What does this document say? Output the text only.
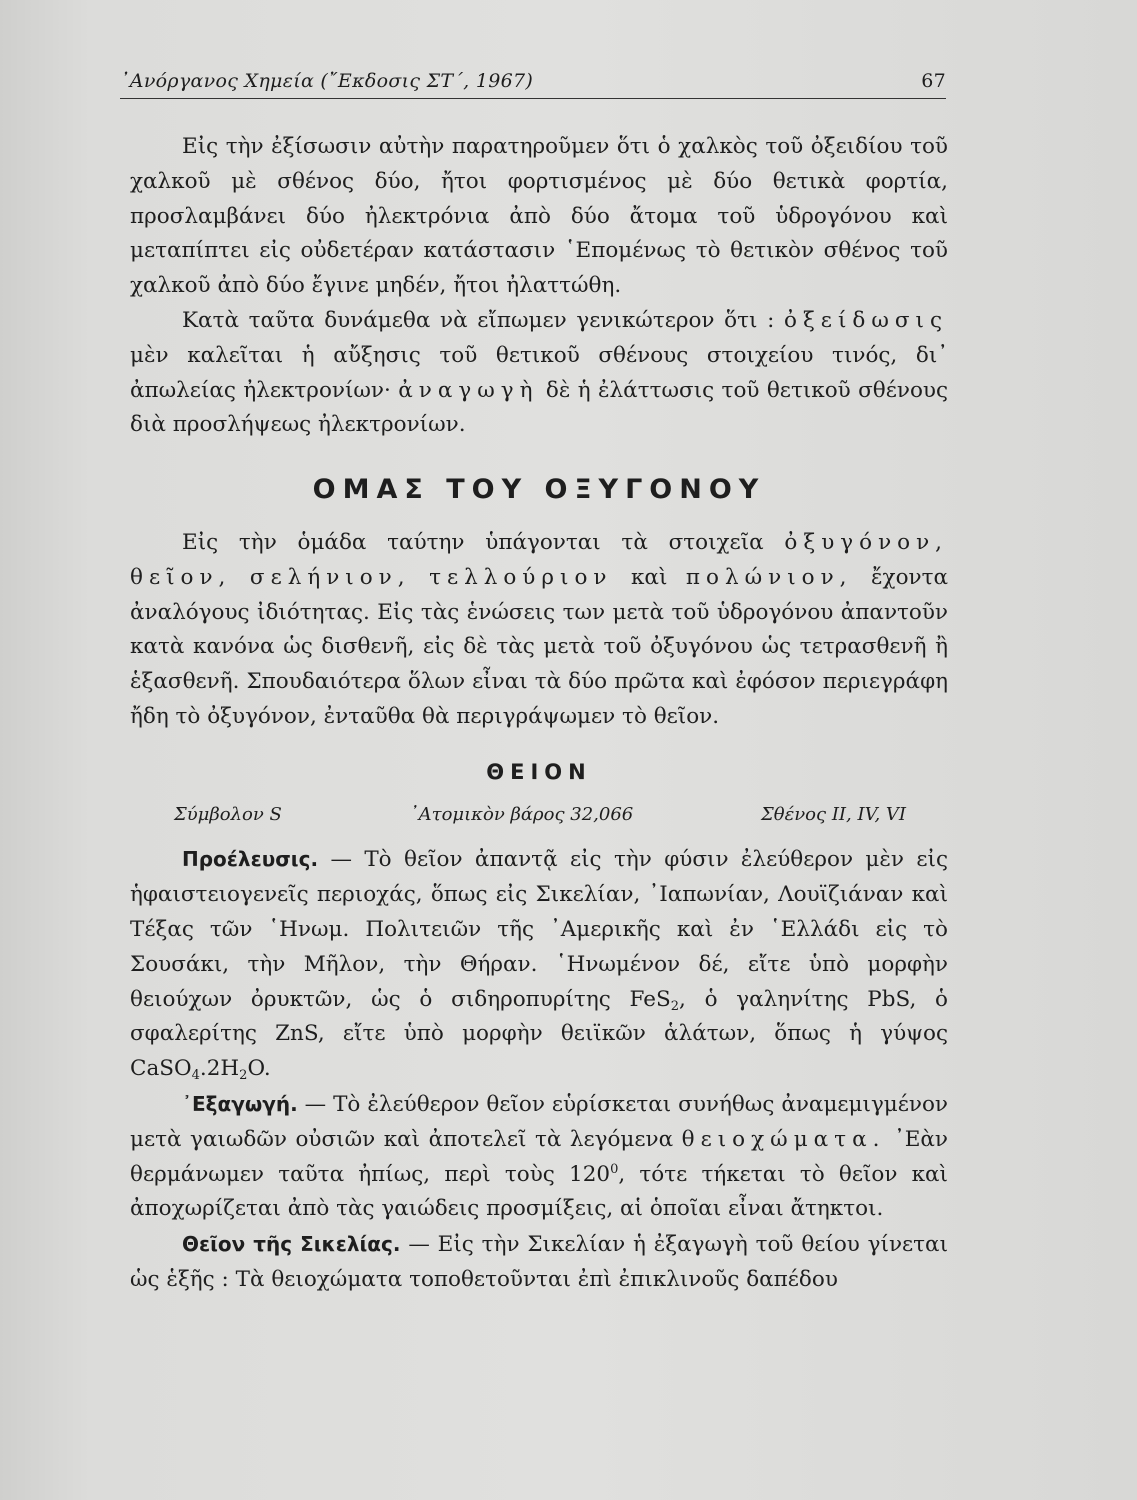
᾿Ανόργανος Χημεία (῎Εκδοσις ΣΤ΄, 1967)	67

Εἰς τὴν ἐξίσωσιν αὐτὴν παρατηροῦμεν ὅτι ὁ χαλκὸς τοῦ ὀξειδίου τοῦ χαλκοῦ μὲ σθένος δύο, ἤτοι φορτισμένος μὲ δύο θετικὰ φορτία, προσλαμβάνει δύο ἠλεκτρόνια ἀπὸ δύο ἄτομα τοῦ ὑδρογόνου καὶ μεταπίπτει εἰς οὐδετέραν κατάστασιν ῾Επομένως τὸ θετικὸν σθένος τοῦ χαλκοῦ ἀπὸ δύο ἔγινε μηδέν, ἤτοι ἠλαττώθη.

Κατὰ ταῦτα δυνάμεθα νὰ εἴπωμεν γενικώτερον ὅτι : ὀξείδωσις μὲν καλεῖται ἡ αὔξησις τοῦ θετικοῦ σθένους στοιχείου τινός, δι᾿ ἀπωλείας ἠλεκτρονίων· ἀναγωγὴ δὲ ἡ ἐλάττωσις τοῦ θετικοῦ σθένους διὰ προσλήψεως ἠλεκτρονίων.

ΟΜΑΣ ΤΟΥ ΟΞΥΓΟΝΟΥ

Εἰς τὴν ὁμάδα ταύτην ὑπάγονται τὰ στοιχεῖα ὀξυγόνον, θεῖον, σελήνιον, τελλούριον καὶ πολώνιον, ἔχοντα ἀναλόγους ἰδιότητας. Εἰς τὰς ἑνώσεις των μετὰ τοῦ ὑδρογόνου ἀπαντοῦν κατὰ κανόνα ὡς δισθενῆ, εἰς δὲ τὰς μετὰ τοῦ ὀξυγόνου ὡς τετρασθενῆ ἢ ἑξασθενῆ. Σπουδαιότερα ὅλων εἶναι τὰ δύο πρῶτα καὶ ἐφόσον περιεγράφη ἤδη τὸ ὀξυγόνον, ἐνταῦθα θὰ περιγράψωμεν τὸ θεῖον.

ΘΕΙΟΝ
Σύμβολον S	᾿Ατομικὸν βάρος 32,066	Σθένος II, IV, VI

Προέλευσις. — Τὸ θεῖον ἀπαντᾷ εἰς τὴν φύσιν ἐλεύθερον μὲν εἰς ἡφαιστειογενεῖς περιοχάς, ὅπως εἰς Σικελίαν, ᾿Ιαπωνίαν, Λουϊζιάναν καὶ Τέξας τῶν ῾Ηνωμ. Πολιτειῶν τῆς ᾿Αμερικῆς καὶ ἐν ῾Ελλάδι εἰς τὸ Σουσάκι, τὴν Μῆλον, τὴν Θήραν. ῾Ηνωμένον δέ, εἴτε ὑπὸ μορφὴν θειούχων ὀρυκτῶν, ὡς ὁ σιδηροπυρίτης FeS$_2$, ὁ γαληνίτης PbS, ὁ σφαλερίτης ZnS, εἴτε ὑπὸ μορφὴν θειϊκῶν ἁλάτων, ὅπως ἡ γύψος $CaSO_4.2H_2O$.

᾿Εξαγωγή. — Τὸ ἐλεύθερον θεῖον εὑρίσκεται συνήθως ἀναμεμιγμένον μετὰ γαιωδῶν οὐσιῶν καὶ ἀποτελεῖ τὰ λεγόμενα θειοχώματα. ᾿Εὰν θερμάνωμεν ταῦτα ἠπίως, περὶ τοὺς $120^0$, τότε τήκεται τὸ θεῖον καὶ ἀποχωρίζεται ἀπὸ τὰς γαιώδεις προσμίξεις, αἱ ὁποῖαι εἶναι ἄτηκτοι.

Θεῖον τῆς Σικελίας. — Εἰς τὴν Σικελίαν ἡ ἐξαγωγὴ τοῦ θείου γίνεται ὡς ἑξῆς : Τὰ θειοχώματα τοποθετοῦνται ἐπὶ ἐπικλινοῦς δαπέδου
